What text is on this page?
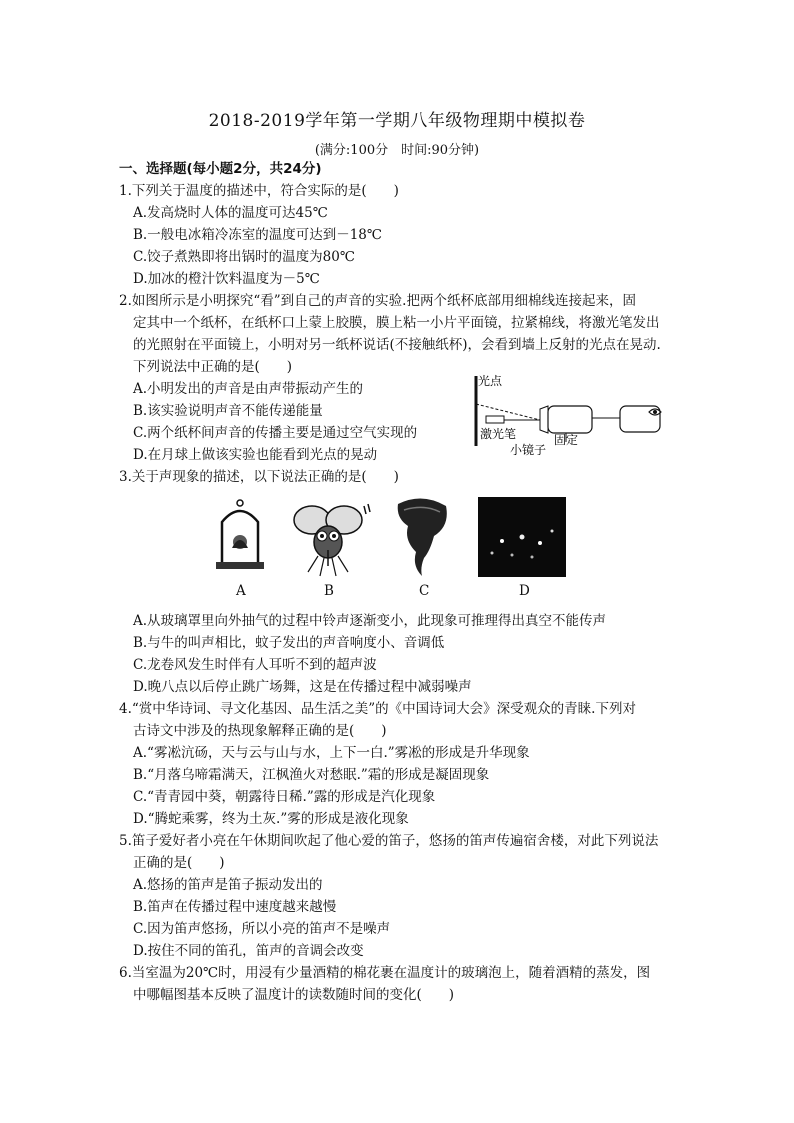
2018-2019学年第一学期八年级物理期中模拟卷
(满分:100分　时间:90分钟)
一、选择题(每小题2分，共24分)
1.下列关于温度的描述中，符合实际的是(　　)
A.发高烧时人体的温度可达45℃
B.一般电冰箱冷冻室的温度可达到－18℃
C.饺子煮熟即将出锅时的温度为80℃
D.加冰的橙汁饮料温度为－5℃
2.如图所示是小明探究“看”到自己的声音的实验.把两个纸杯底部用细棉线连接起来，固
定其中一个纸杯，在纸杯口上蒙上胶膜，膜上粘一小片平面镜，拉紧棉线，将激光笔发出
的光照射在平面镜上，小明对另一纸杯说话(不接触纸杯)，会看到墙上反射的光点在晃动.
下列说法中正确的是(　　)
A.小明发出的声音是由声带振动产生的
B.该实验说明声音不能传递能量
C.两个纸杯间声音的传播主要是通过空气实现的
D.在月球上做该实验也能看到光点的晃动
光点
激光笔
小镜子
固定
3.关于声现象的描述，以下说法正确的是(　　)
A	B	C	D
A.从玻璃罩里向外抽气的过程中铃声逐渐变小，此现象可推理得出真空不能传声
B.与牛的叫声相比，蚊子发出的声音响度小、音调低
C.龙卷风发生时伴有人耳听不到的超声波
D.晚八点以后停止跳广场舞，这是在传播过程中减弱噪声
4.“赏中华诗词、寻文化基因、品生活之美”的《中国诗词大会》深受观众的青睐.下列对
古诗文中涉及的热现象解释正确的是(　　)
A.“雾凇沆砀，天与云与山与水，上下一白.”雾凇的形成是升华现象
B.“月落乌啼霜满天，江枫渔火对愁眠.”霜的形成是凝固现象
C.“青青园中葵，朝露待日稀.”露的形成是汽化现象
D.“腾蛇乘雾，终为土灰.”雾的形成是液化现象
5.笛子爱好者小亮在午休期间吹起了他心爱的笛子，悠扬的笛声传遍宿舍楼，对此下列说法
正确的是(　　)
A.悠扬的笛声是笛子振动发出的
B.笛声在传播过程中速度越来越慢
C.因为笛声悠扬，所以小亮的笛声不是噪声
D.按住不同的笛孔，笛声的音调会改变
6.当室温为20℃时，用浸有少量酒精的棉花裹在温度计的玻璃泡上，随着酒精的蒸发，图
中哪幅图基本反映了温度计的读数随时间的变化(　　)
